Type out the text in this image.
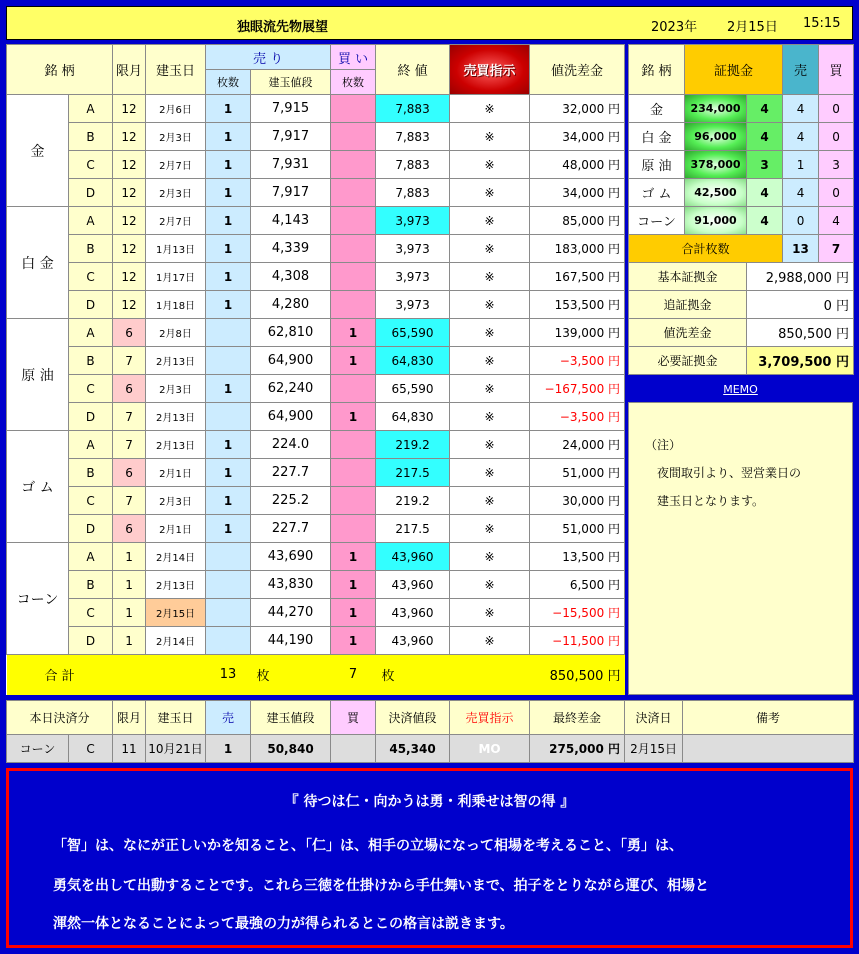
独眼流先物展望	2023年 2月15日 15:15
銘 柄		限月	建玉日	売 り		買 い	終 値	売買指示	値洗差金
				枚数	建玉値段	枚数			
金	A	12	2月6日	1	7,915		7,883	※	32,000 円
	B	12	2月3日	1	7,917		7,883	※	34,000 円
	C	12	2月7日	1	7,931		7,883	※	48,000 円
	D	12	2月3日	1	7,917		7,883	※	34,000 円
白 金	A	12	2月7日	1	4,143		3,973	※	85,000 円
	B	12	1月13日	1	4,339		3,973	※	183,000 円
	C	12	1月17日	1	4,308		3,973	※	167,500 円
	D	12	1月18日	1	4,280		3,973	※	153,500 円
原 油	A	6	2月8日		62,810	1	65,590	※	139,000 円
	B	7	2月13日		64,900	1	64,830	※	−3,500 円
	C	6	2月3日	1	62,240		65,590	※	−167,500 円
	D	7	2月13日		64,900	1	64,830	※	−3,500 円
ゴ ム	A	7	2月13日	1	224.0		219.2	※	24,000 円
	B	6	2月1日	1	227.7		217.5	※	51,000 円
	C	7	2月3日	1	225.2		219.2	※	30,000 円
	D	6	2月1日	1	227.7		217.5	※	51,000 円
コーン	A	1	2月14日		43,690	1	43,960	※	13,500 円
	B	1	2月13日		43,830	1	43,960	※	6,500 円
	C	1	2月15日		44,270	1	43,960	※	−15,500 円
	D	1	2月14日		44,190	1	43,960	※	−11,500 円
合 計				13	枚	7	枚		850,500 円
銘 柄	証拠金		売	買
金	234,000	4	4	0
白 金	96,000	4	4	0
原 油	378,000	3	1	3
ゴ ム	42,500	4	4	0
コーン	91,000	4	0	4
合計枚数			13	7
基本証拠金		2,988,000 円		
追証拠金		0 円		
値洗差金		850,500 円		
必要証拠金		3,709,500 円		
MEMO
（注）
夜間取引より、翌営業日の
建玉日となります。
本日決済分		限月	建玉日	売	建玉値段	買	決済値段	売買指示	最終差金	決済日	備考
コーン	C	11	10月21日	1	50,840		45,340	MO	275,000 円	2月15日	
『 待つは仁・向かうは勇・利乗せは智の得 』
「智」は、なにが正しいかを知ること、「仁」は、相手の立場になって相場を考えること、「勇」は、
勇気を出して出動することです。これら三徳を仕掛けから手仕舞いまで、拍子をとりながら運び、相場と
渾然一体となることによって最強の力が得られるとこの格言は説きます。
